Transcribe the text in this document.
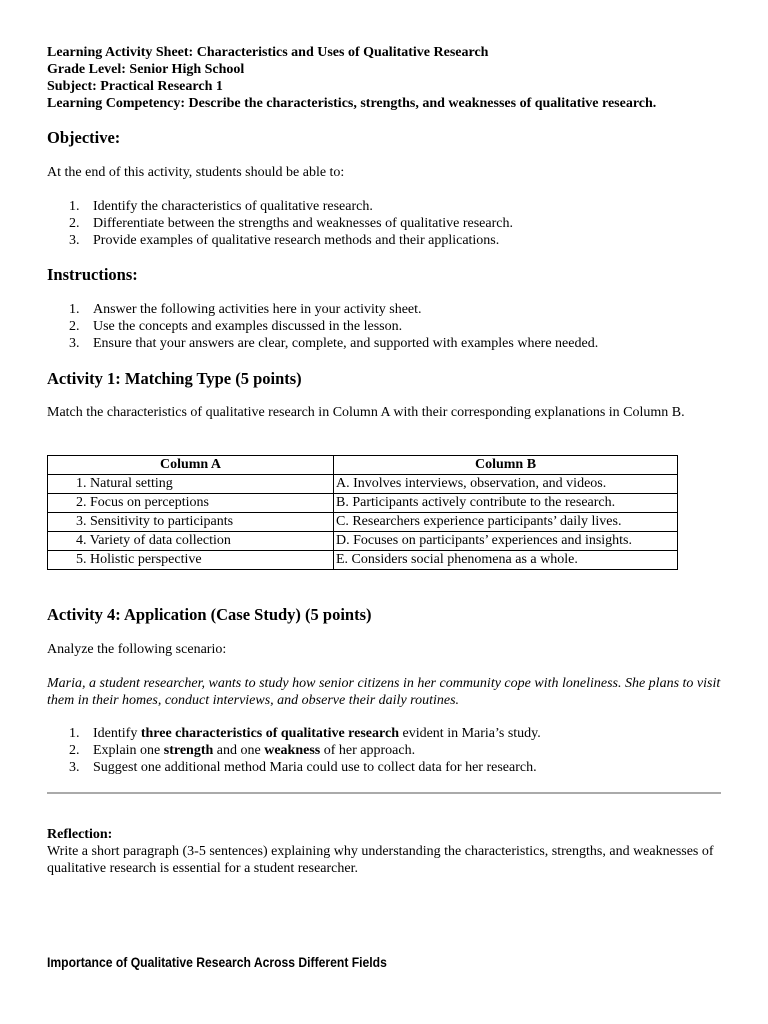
Learning Activity Sheet: Characteristics and Uses of Qualitative Research
Grade Level: Senior High School
Subject: Practical Research 1
Learning Competency: Describe the characteristics, strengths, and weaknesses of qualitative research.
Objective:

At the end of this activity, students should be able to:

1. Identify the characteristics of qualitative research.
2. Differentiate between the strengths and weaknesses of qualitative research.
3. Provide examples of qualitative research methods and their applications.
Instructions:
1. Answer the following activities here in your activity sheet.
2. Use the concepts and examples discussed in the lesson.
3. Ensure that your answers are clear, complete, and supported with examples where needed.
Activity 1: Matching Type (5 points)

Match the characteristics of qualitative research in Column A with their corresponding explanations in Column B.

Column A	Column B
1. Natural setting	A. Involves interviews, observation, and videos.
2. Focus on perceptions	B. Participants actively contribute to the research.
3. Sensitivity to participants	C. Researchers experience participants’ daily lives.
4. Variety of data collection	D. Focuses on participants’ experiences and insights.
5. Holistic perspective	E. Considers social phenomena as a whole.
Activity 4: Application (Case Study) (5 points)

Analyze the following scenario:

Maria, a student researcher, wants to study how senior citizens in her community cope with loneliness. She plans to visit them in their homes, conduct interviews, and observe their daily routines.

1. Identify three characteristics of qualitative research evident in Maria’s study.
2. Explain one strength and one weakness of her approach.
3. Suggest one additional method Maria could use to collect data for her research.
Reflection:

Write a short paragraph (3-5 sentences) explaining why understanding the characteristics, strengths, and weaknesses of qualitative research is essential for a student researcher.

Importance of Qualitative Research Across Different Fields
